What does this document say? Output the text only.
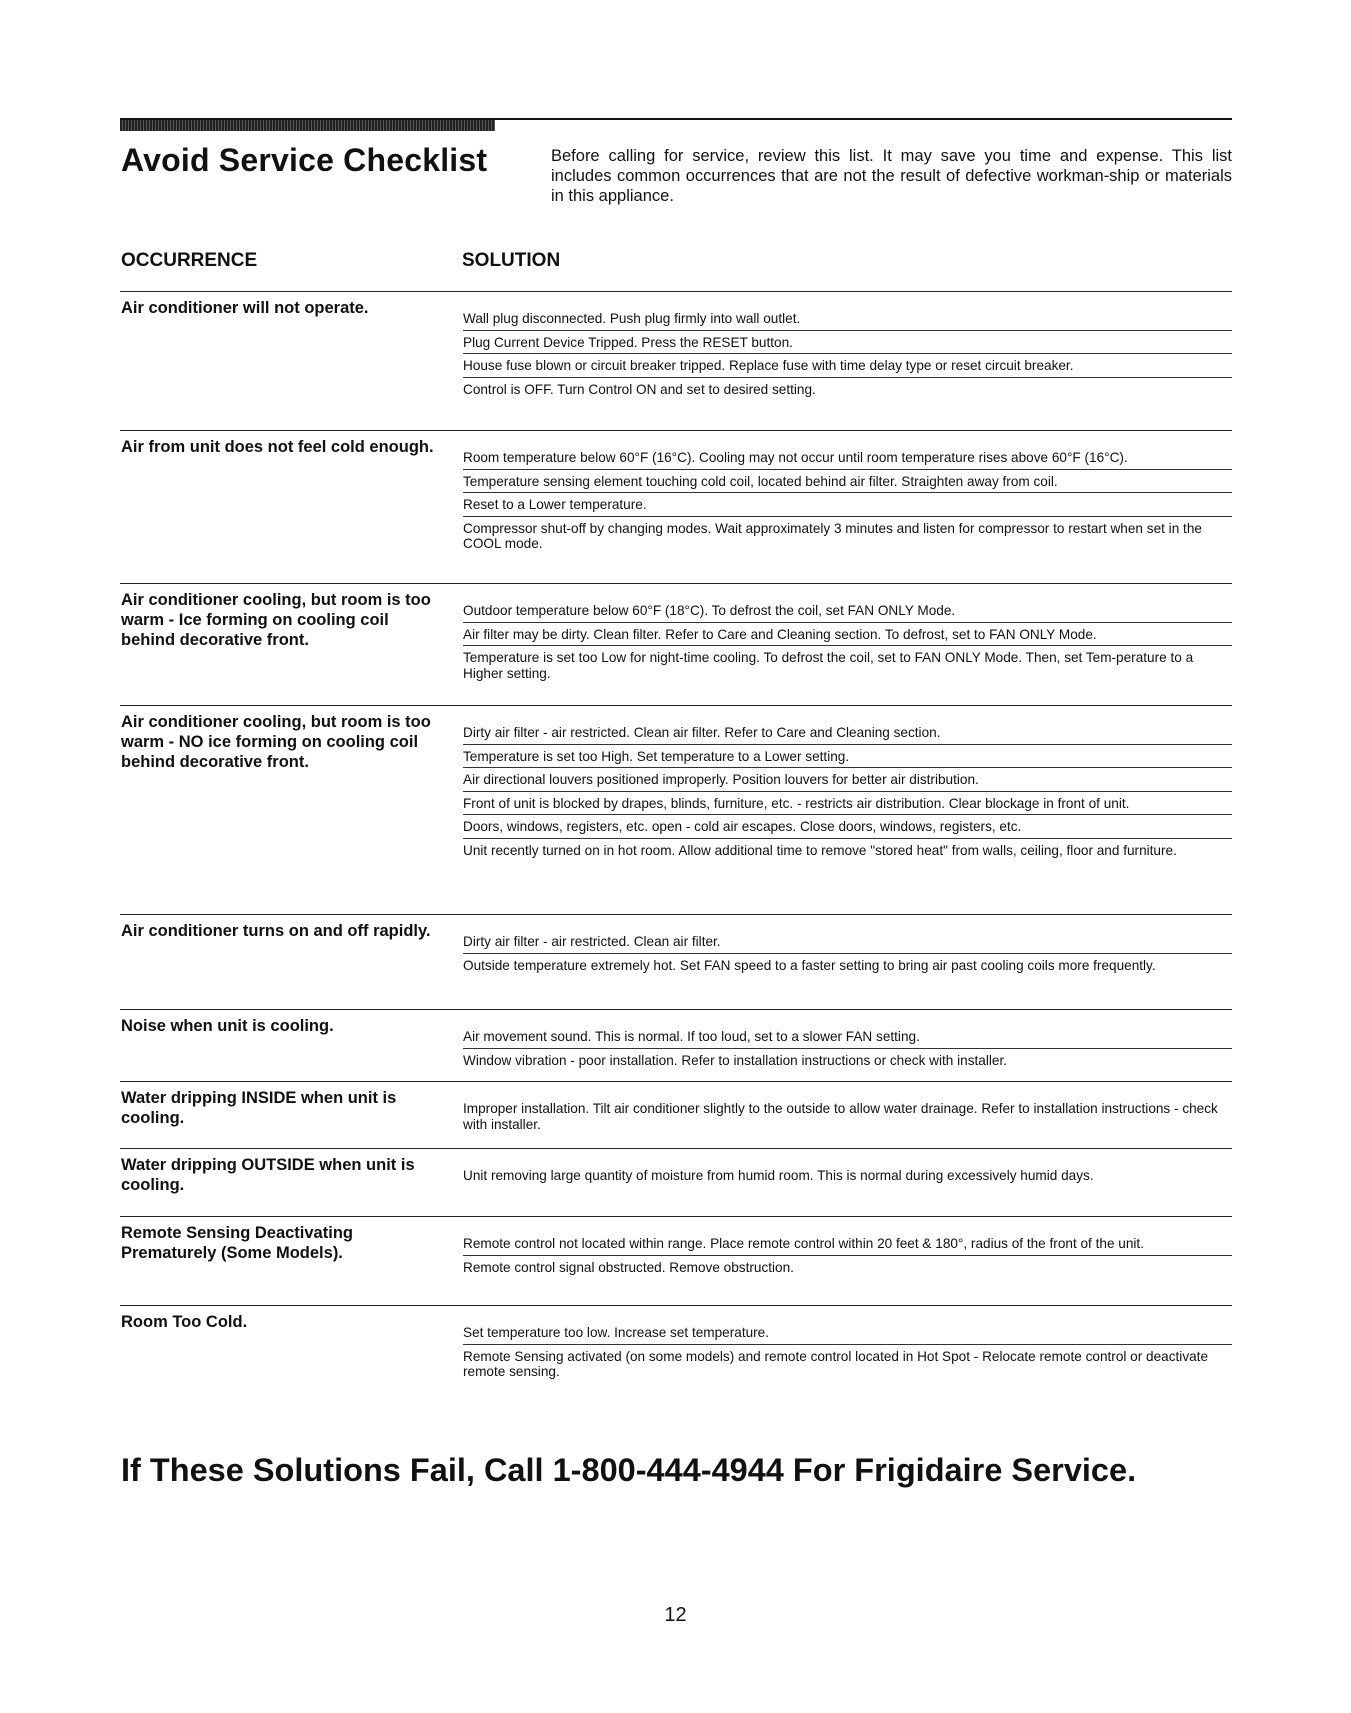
Avoid Service Checklist	Before calling for service, review this list. It may save you time and expense. This list includes common occurrences that are not the result of defective workman-ship or materials in this appliance.
OCCURRENCE	SOLUTION
Air conditioner will not operate.
Wall plug disconnected. Push plug firmly into wall outlet.
Plug Current Device Tripped. Press the RESET button.
House fuse blown or circuit breaker tripped. Replace fuse with time delay type or reset circuit breaker.
Control is OFF. Turn Control ON and set to desired setting.
Air from unit does not feel cold enough.
Room temperature below 60°F (16°C). Cooling may not occur until room temperature rises above 60°F (16°C).
Temperature sensing element touching cold coil, located behind air filter. Straighten away from coil.
Reset to a Lower temperature.
Compressor shut-off by changing modes. Wait approximately 3 minutes and listen for compressor to restart when set in the COOL mode.
Air conditioner cooling, but room is too warm - Ice forming on cooling coil behind decorative front.
Outdoor temperature below 60°F (18°C). To defrost the coil, set FAN ONLY Mode.
Air filter may be dirty. Clean filter. Refer to Care and Cleaning section. To defrost, set to FAN ONLY Mode.
Temperature is set too Low for night-time cooling. To defrost the coil, set to FAN ONLY Mode. Then, set Tem-perature to a Higher setting.
Air conditioner cooling, but room is too warm - NO ice forming on cooling coil behind decorative front.
Dirty air filter - air restricted. Clean air filter. Refer to Care and Cleaning section.
Temperature is set too High. Set temperature to a Lower setting.
Air directional louvers positioned improperly. Position louvers for better air distribution.
Front of unit is blocked by drapes, blinds, furniture, etc. - restricts air distribution. Clear blockage in front of unit.
Doors, windows, registers, etc. open - cold air escapes. Close doors, windows, registers, etc.
Unit recently turned on in hot room. Allow additional time to remove "stored heat" from walls, ceiling, floor and furniture.
Air conditioner turns on and off rapidly.
Dirty air filter - air restricted. Clean air filter.
Outside temperature extremely hot. Set FAN speed to a faster setting to bring air past cooling coils more frequently.
Noise when unit is cooling.
Air movement sound. This is normal. If too loud, set to a slower FAN setting.
Window vibration - poor installation. Refer to installation instructions or check with installer.
Water dripping INSIDE when unit is cooling.
Improper installation. Tilt air conditioner slightly to the outside to allow water drainage. Refer to installation instructions - check with installer.
Water dripping OUTSIDE when unit is cooling.
Unit removing large quantity of moisture from humid room. This is normal during excessively humid days.
Remote Sensing Deactivating Prematurely (Some Models).
Remote control not located within range. Place remote control within 20 feet & 180°, radius of the front of the unit.
Remote control signal obstructed. Remove obstruction.
Room Too Cold.
Set temperature too low. Increase set temperature.
Remote Sensing activated (on some models) and remote control located in Hot Spot - Relocate remote control or deactivate remote sensing.
If These Solutions Fail, Call 1-800-444-4944 For Frigidaire Service.
12
